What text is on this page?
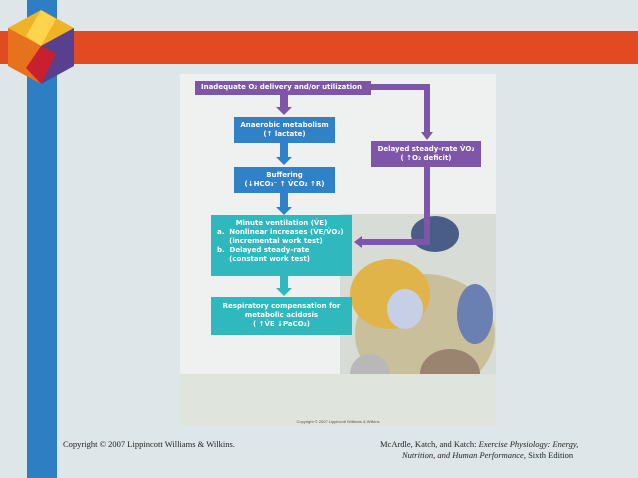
Inadequate O₂ delivery and/or utilization
Anaerobic metabolism
(↑ lactate)
Buffering
(↓HCO₃⁻ ↑ V̇CO₂ ↑R)
Delayed steady-rate V̇O₂
( ↑O₂ deficit)
Minute ventilation (V̇E)
a.  Nonlinear increases (V̇E/V̇O₂)
(incremental work test)
b.  Delayed steady-rate
(constant work test)
Respiratory compensation for
metabolic acidosis
( ↑V̇E ↓PaCO₂)
Copyright © 2007 Lippincott Williams & Wilkins
Copyright © 2007 Lippincott Williams & Wilkins.	McArdle, Katch, and Katch: Exercise Physiology: Energy,
Nutrition, and Human Performance, Sixth Edition
